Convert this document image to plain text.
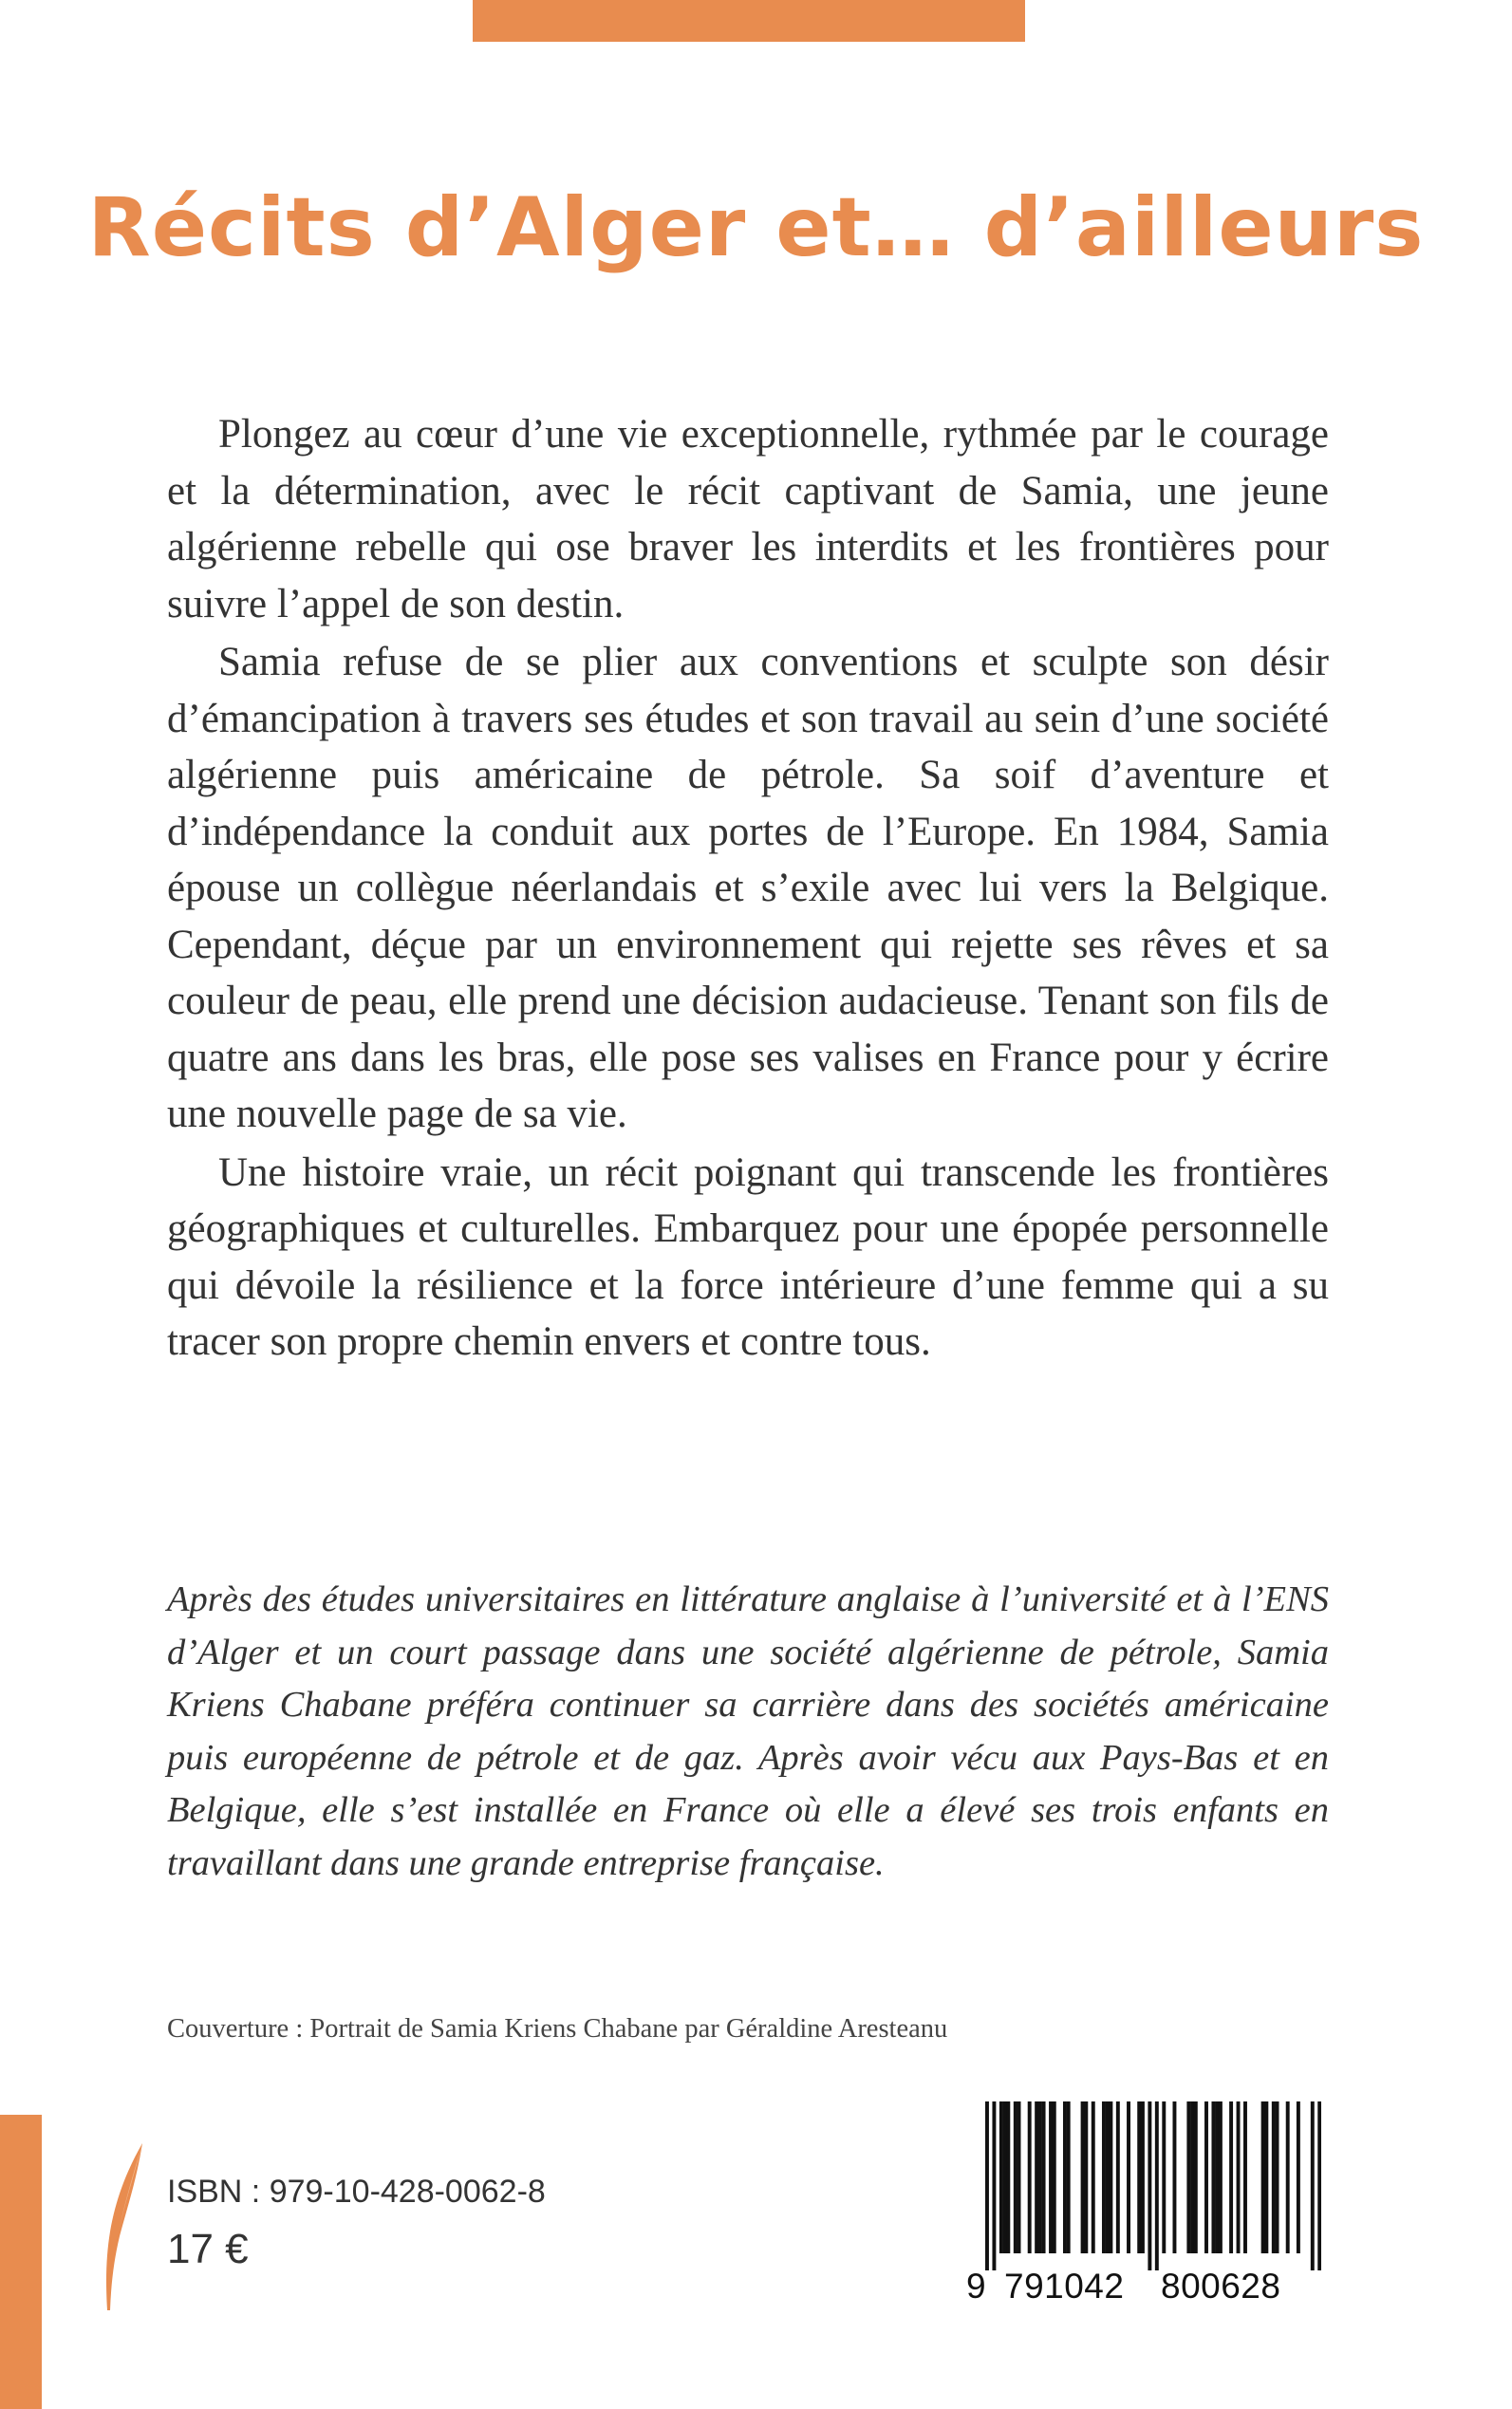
Récits d’Alger et… d’ailleurs

Plongez au cœur d’une vie exceptionnelle, rythmée par le courage et la détermination, avec le récit captivant de Samia, une jeune algérienne rebelle qui ose braver les interdits et les frontières pour suivre l’appel de son destin.

Samia refuse de se plier aux conventions et sculpte son désir d’émancipation à travers ses études et son travail au sein d’une société algérienne puis américaine de pétrole. Sa soif d’aventure et d’indépendance la conduit aux portes de l’Europe. En 1984, Samia épouse un collègue néerlandais et s’exile avec lui vers la Belgique. Cependant, déçue par un environnement qui rejette ses rêves et sa couleur de peau, elle prend une décision audacieuse. Tenant son fils de quatre ans dans les bras, elle pose ses valises en France pour y écrire une nouvelle page de sa vie.

Une histoire vraie, un récit poignant qui transcende les frontières géographiques et culturelles. Embarquez pour une épopée personnelle qui dévoile la résilience et la force intérieure d’une femme qui a su tracer son propre chemin envers et contre tous.

Après des études universitaires en littérature anglaise à l’université et à l’ENS d’Alger et un court passage dans une société algérienne de pétrole, Samia Kriens Chabane préféra continuer sa carrière dans des sociétés américaine puis européenne de pétrole et de gaz. Après avoir vécu aux Pays-Bas et en Belgique, elle s’est installée en France où elle a élevé ses trois enfants en travaillant dans une grande entreprise française.

Couverture : Portrait de Samia Kriens Chabane par Géraldine Aresteanu

ISBN : 979-10-428-0062-8

17 €

9 791042 800628
